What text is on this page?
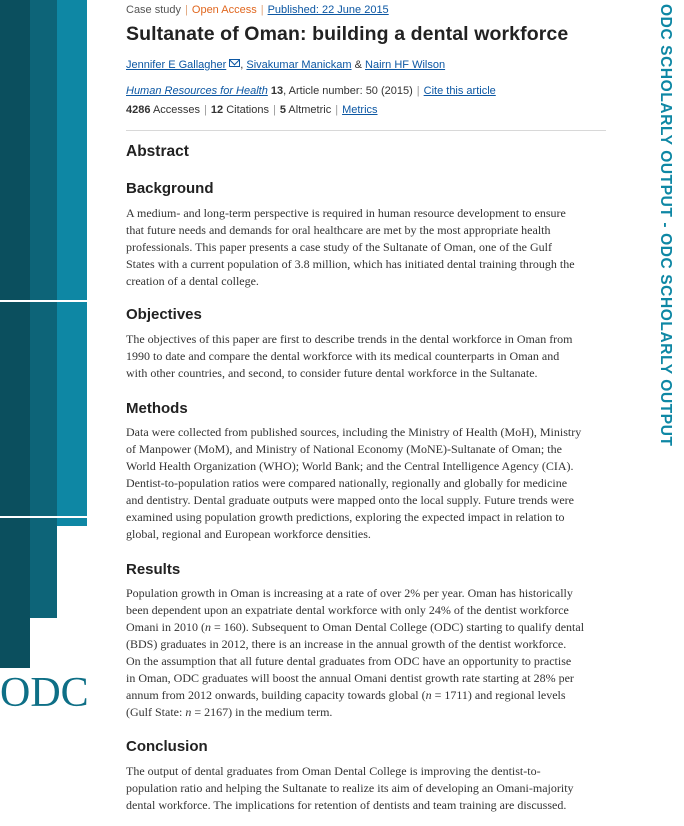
ODC
ODC SCHOLARLY OUTPUT - ODC SCHOLARLY OUTPUT
Case study | Open Access | Published: 22 June 2015
Sultanate of Oman: building a dental workforce
Jennifer E Gallagher , Sivakumar Manickam & Nairn HF Wilson
Human Resources for Health 13, Article number: 50 (2015) | Cite this article
4286 Accesses | 12 Citations | 5 Altmetric | Metrics
Abstract
Background
A medium- and long-term perspective is required in human resource development to ensure
that future needs and demands for oral healthcare are met by the most appropriate health
professionals. This paper presents a case study of the Sultanate of Oman, one of the Gulf
States with a current population of 3.8 million, which has initiated dental training through the
creation of a dental college.
Objectives
The objectives of this paper are first to describe trends in the dental workforce in Oman from
1990 to date and compare the dental workforce with its medical counterparts in Oman and
with other countries, and second, to consider future dental workforce in the Sultanate.
Methods
Data were collected from published sources, including the Ministry of Health (MoH), Ministry
of Manpower (MoM), and Ministry of National Economy (MoNE)-Sultanate of Oman; the
World Health Organization (WHO); World Bank; and the Central Intelligence Agency (CIA).
Dentist-to-population ratios were compared nationally, regionally and globally for medicine
and dentistry. Dental graduate outputs were mapped onto the local supply. Future trends were
examined using population growth predictions, exploring the expected impact in relation to
global, regional and European workforce densities.
Results
Population growth in Oman is increasing at a rate of over 2% per year. Oman has historically
been dependent upon an expatriate dental workforce with only 24% of the dentist workforce
Omani in 2010 (n = 160). Subsequent to Oman Dental College (ODC) starting to qualify dental
(BDS) graduates in 2012, there is an increase in the annual growth of the dentist workforce.
On the assumption that all future dental graduates from ODC have an opportunity to practise
in Oman, ODC graduates will boost the annual Omani dentist growth rate starting at 28% per
annum from 2012 onwards, building capacity towards global (n = 1711) and regional levels
(Gulf State: n = 2167) in the medium term.
Conclusion
The output of dental graduates from Oman Dental College is improving the dentist-to-
population ratio and helping the Sultanate to realize its aim of developing an Omani-majority
dental workforce. The implications for retention of dentists and team training are discussed.
